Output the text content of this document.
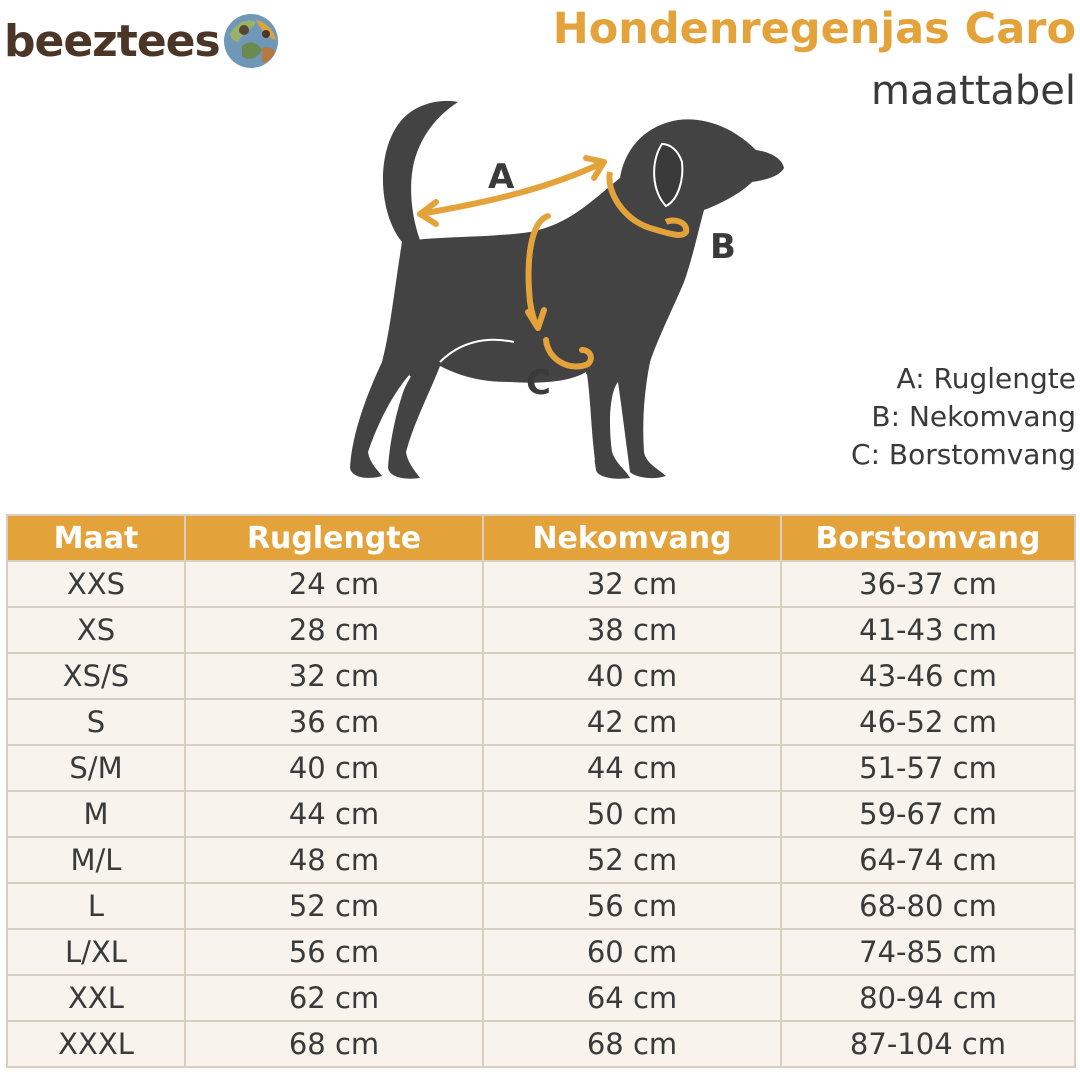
beeztees	Hondenregenjas Caro
maattabel
A
B
C	A: Ruglengte
B: Nekomvang
C: Borstomvang
Maat	Ruglengte	Nekomvang	Borstomvang
XXS	24 cm	32 cm	36-37 cm
XS	28 cm	38 cm	41-43 cm
XS/S	32 cm	40 cm	43-46 cm
S	36 cm	42 cm	46-52 cm
S/M	40 cm	44 cm	51-57 cm
M	44 cm	50 cm	59-67 cm
M/L	48 cm	52 cm	64-74 cm
L	52 cm	56 cm	68-80 cm
L/XL	56 cm	60 cm	74-85 cm
XXL	62 cm	64 cm	80-94 cm
XXXL	68 cm	68 cm	87-104 cm
